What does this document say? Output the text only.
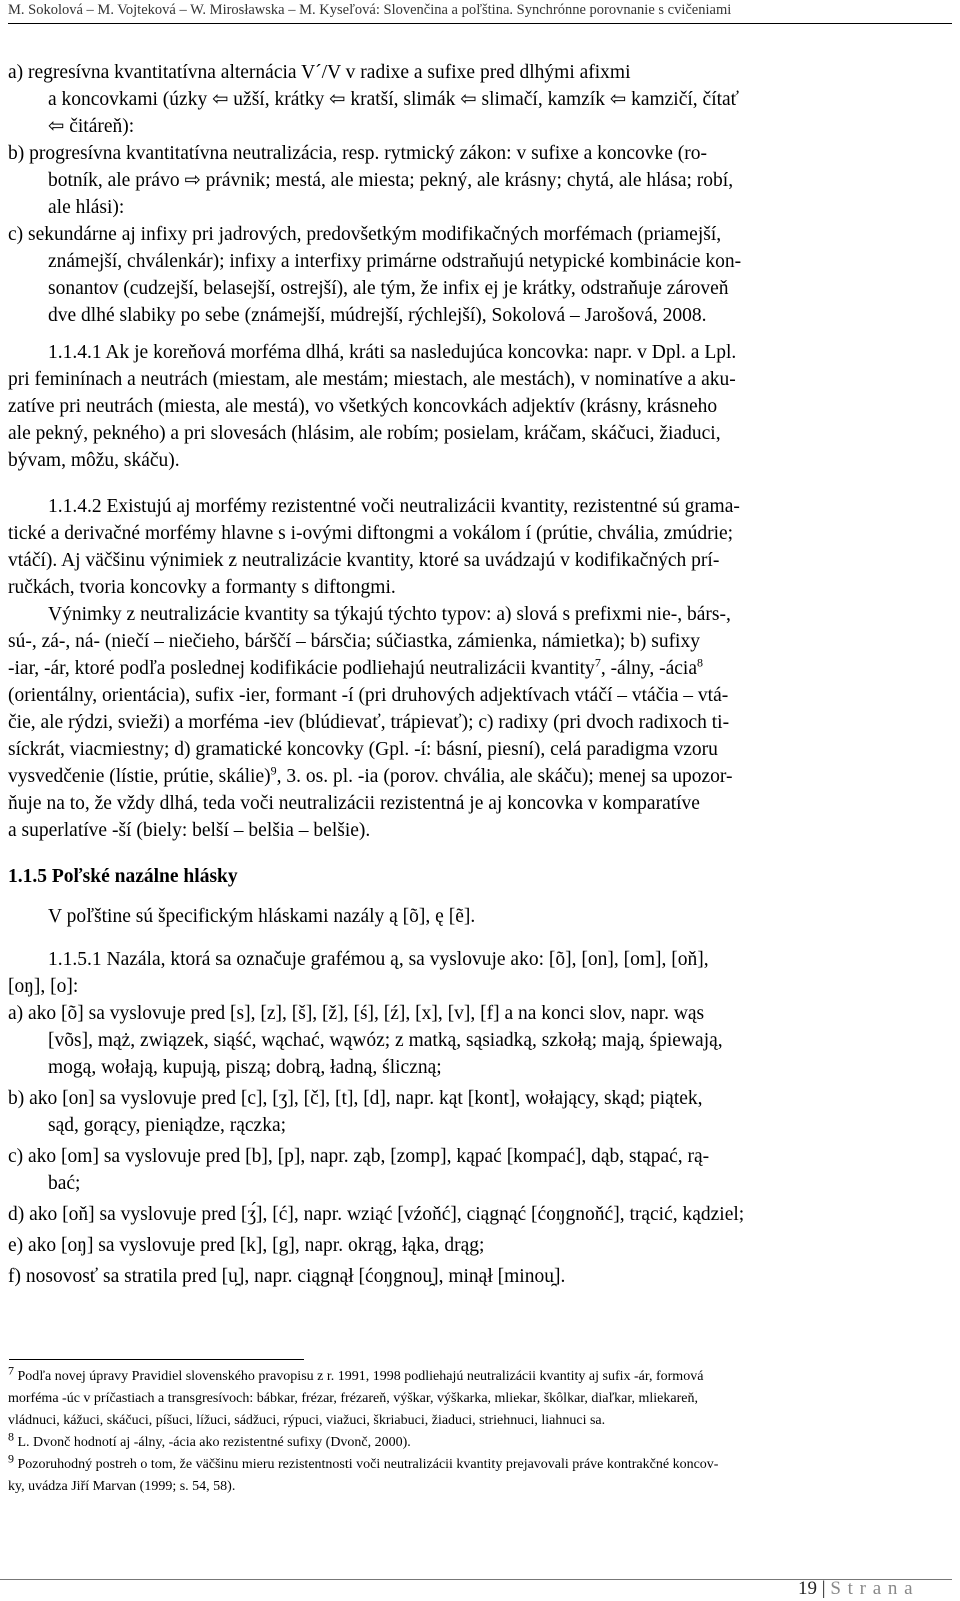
M. Sokolová – M. Vojteková – W. Mirosławska – M. Kyseľová: Slovenčina a poľština. Synchrónne porovnanie s cvičeniami
a) regresívna kvantitatívna alternácia V´/V v radixe a sufixe pred dlhými afixmi
a koncovkami (úzky ⇦ užší, krátky ⇦ kratší, slimák ⇦ slimačí, kamzík ⇦ kamzičí, čítať
⇦ čitáreň):
b) progresívna kvantitatívna neutralizácia, resp. rytmický zákon: v sufixe a koncovke (ro-
botník, ale právo ⇨ právnik; mestá, ale miesta; pekný, ale krásny; chytá, ale hlása; robí,
ale hlási):
c) sekundárne aj infixy pri jadrových, predovšetkým modifikačných morfémach (priamejší,
známejší, chválenkár); infixy a interfixy primárne odstraňujú netypické kombinácie kon-
sonantov (cudzejší, belasejší, ostrejší), ale tým, že infix ej je krátky, odstraňuje zároveň
dve dlhé slabiky po sebe (známejší, múdrejší, rýchlejší), Sokolová – Jarošová, 2008.
1.1.4.1 Ak je koreňová morféma dlhá, kráti sa nasledujúca koncovka: napr. v Dpl. a Lpl.
pri feminínach a neutrách (miestam, ale mestám; miestach, ale mestách), v nominatíve a aku-
zatíve pri neutrách (miesta, ale mestá), vo všetkých koncovkách adjektív (krásny, krásneho
ale pekný, pekného) a pri slovesách (hlásim, ale robím; posielam, kráčam, skáčuci, žiaduci,
bývam, môžu, skáču).
1.1.4.2 Existujú aj morfémy rezistentné voči neutralizácii kvantity, rezistentné sú grama-
tické a derivačné morfémy hlavne s i-ovými diftongmi a vokálom í (prútie, chvália, zmúdrie;
vtáčí). Aj väčšinu výnimiek z neutralizácie kvantity, ktoré sa uvádzajú v kodifikačných prí-
ručkách, tvoria koncovky a formanty s diftongmi.
Výnimky z neutralizácie kvantity sa týkajú týchto typov: a) slová s prefixmi nie-, bárs-,
sú-, zá-, ná- (niečí – niečieho, bárščí – bársčia; súčiastka, zámienka, námietka); b) sufixy
-iar, -ár, ktoré podľa poslednej kodifikácie podliehajú neutralizácii kvantity$^7$, -álny, -ácia$^8$
(orientálny, orientácia), sufix -ier, formant -í (pri druhových adjektívach vtáčí – vtáčia – vtá-
čie, ale rýdzi, svieži) a morféma -iev (blúdievať, trápievať); c) radixy (pri dvoch radixoch ti-
síckrát, viacmiestny; d) gramatické koncovky (Gpl. -í: básní, piesní), celá paradigma vzoru
vysvedčenie (lístie, prútie, skálie)$^9$, 3. os. pl. -ia (porov. chvália, ale skáču); menej sa upozor-
ňuje na to, že vždy dlhá, teda voči neutralizácii rezistentná je aj koncovka v komparatíve
a superlatíve -ší (biely: belší – belšia – belšie).
1.1.5 Poľské nazálne hlásky
V poľštine sú špecifickým hláskami nazály ą [õ], ę [ẽ].
1.1.5.1 Nazála, ktorá sa označuje grafémou ą, sa vyslovuje ako: [õ], [on], [om], [oň],
[oŋ], [o]:
a) ako [õ] sa vyslovuje pred [s], [z], [š], [ž], [ś], [ź], [x], [v], [f] a na konci slov, napr. wąs
[võs], mąż, związek, siąść, wąchać, wąwóz; z matką, sąsiadką, szkołą; mają, śpiewają,
mogą, wołają, kupują, piszą; dobrą, ładną, śliczną;
b) ako [on] sa vyslovuje pred [c], [ʒ], [č], [t], [d], napr. kąt [kont], wołający, skąd; piątek,
sąd, gorący, pieniądze, rączka;
c) ako [om] sa vyslovuje pred [b], [p], napr. ząb, [zomp], kąpać [kompać], dąb, stąpać, rą-
bać;
d) ako [oň] sa vyslovuje pred [ʒ́], [ć], napr. wziąć [vźoňć], ciągnąć [ćoŋgnoňć], trącić, kądziel;
e) ako [oŋ] sa vyslovuje pred [k], [g], napr. okrąg, łąka, drąg;
f) nosovosť sa stratila pred [u̯], napr. ciągnął [ćoŋgnou̯], minął [minou̯].
$^7$ Podľa novej úpravy Pravidiel slovenského pravopisu z r. 1991, 1998 podliehajú neutralizácii kvantity aj sufix -ár, formová
morféma -úc v príčastiach a transgresívoch: bábkar, frézar, frézareň, výškar, výškarka, mliekar, škôlkar, diaľkar, mliekareň,
vládnuci, kážuci, skáčuci, píšuci, lížuci, sádžuci, rýpuci, viažuci, škriabuci, žiaduci, striehnuci, liahnuci sa.
$^8$ L. Dvonč hodnotí aj -álny, -ácia ako rezistentné sufixy (Dvonč, 2000).
$^9$ Pozoruhodný postreh o tom, že väčšinu mieru rezistentnosti voči neutralizácii kvantity prejavovali práve kontrakčné koncov-
ky, uvádza Jiří Marvan (1999; s. 54, 58).
19 | S t r a n a
